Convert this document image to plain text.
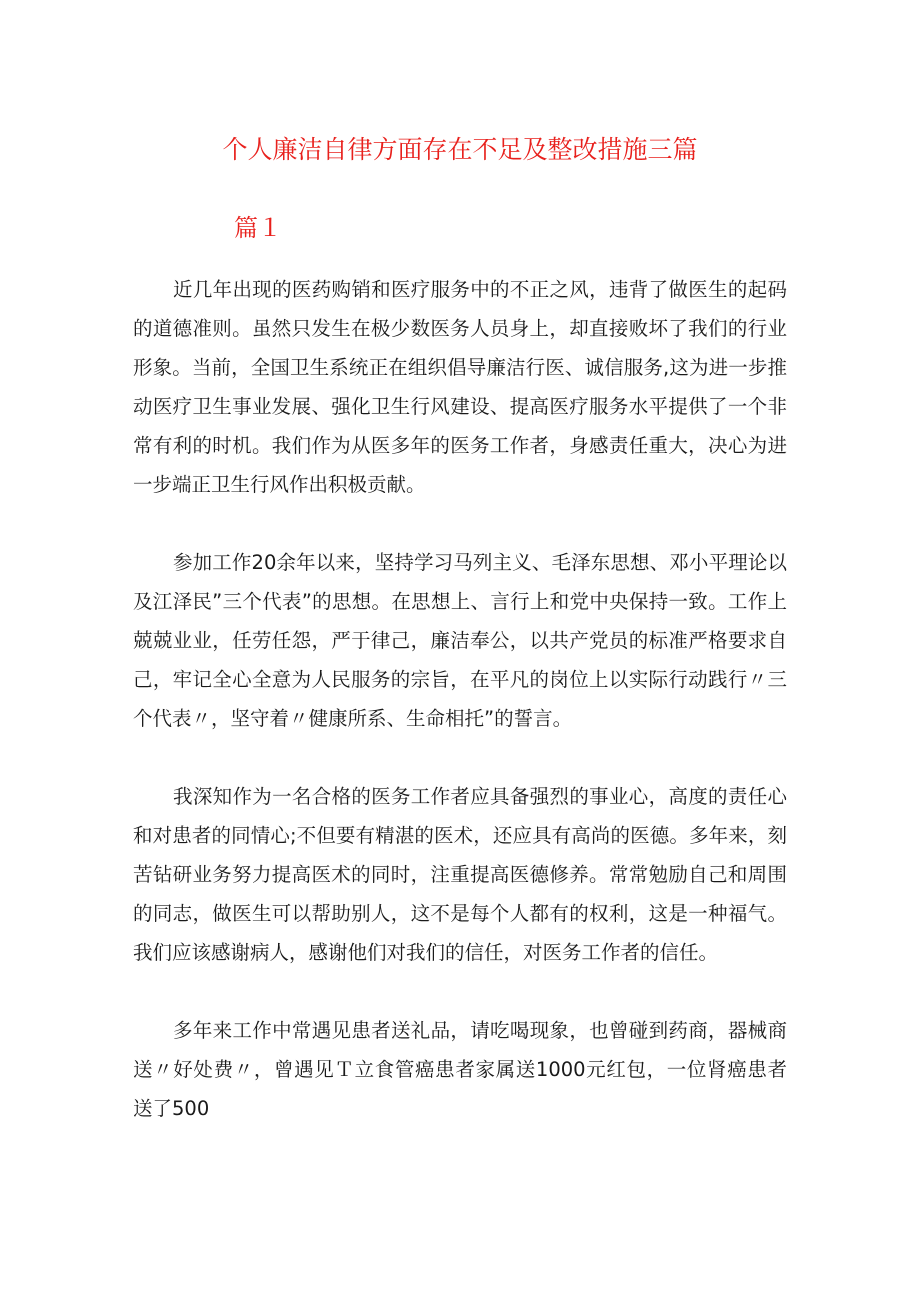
个人廉洁自律方面存在不足及整改措施三篇
篇１

近几年出现的医药购销和医疗服务中的不正之风，违背了做医生的起码的道德准则。虽然只发生在极少数医务人员身上，却直接败坏了我们的行业形象。当前，全国卫生系统正在组织倡导廉洁行医、诚信服务,这为进一步推动医疗卫生事业发展、强化卫生行风建设、提高医疗服务水平提供了一个非常有利的时机。我们作为从医多年的医务工作者，身感责任重大，决心为进一步端正卫生行风作出积极贡献。

参加工作20余年以来，坚持学习马列主义、毛泽东思想、邓小平理论以及江泽民”三个代表”的思想。在思想上、言行上和党中央保持一致。工作上兢兢业业，任劳任怨，严于律己，廉洁奉公，以共产党员的标准严格要求自己，牢记全心全意为人民服务的宗旨，在平凡的岗位上以实际行动践行〃三个代表〃，坚守着〃健康所系、生命相托”的誓言。

我深知作为一名合格的医务工作者应具备强烈的事业心，高度的责任心和对患者的同情心;不但要有精湛的医术，还应具有高尚的医德。多年来，刻苦钻研业务努力提高医术的同时，注重提高医德修养。常常勉励自己和周围的同志，做医生可以帮助别人，这不是每个人都有的权利，这是一种福气。我们应该感谢病人，感谢他们对我们的信任，对医务工作者的信任。

多年来工作中常遇见患者送礼品，请吃喝现象，也曾碰到药商，器械商送〃好处费〃，曾遇见Ｔ立食管癌患者家属送1000元红包，一位肾癌患者送了500
